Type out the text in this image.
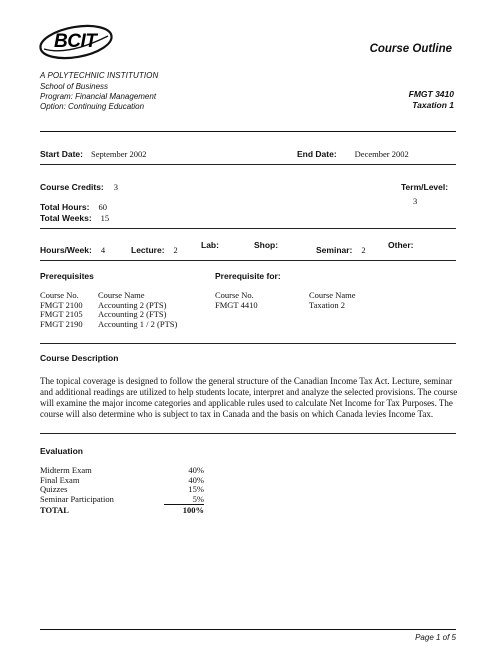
BCIT	Course Outline
A POLYTECHNIC INSTITUTION
School of Business
Program: Financial Management
Option: Continuing Education
FMGT 3410
Taxation 1
Start Date: September 2002	End Date: December 2002
Course Credits: 3	Term/Level:
3
Total Hours: 60
Total Weeks: 15
Hours/Week: 4	Lecture: 2	Lab:	Shop:	Seminar: 2	Other:
Prerequisites	Prerequisite for:
Course No.	Course Name
FMGT 2100	Accounting 2 (PTS)
FMGT 2105	Accounting 2 (FTS)
FMGT 2190	Accounting 1 / 2 (PTS)
Course No.	Course Name
FMGT 4410	Taxation 2
Course Description
The topical coverage is designed to follow the general structure of the Canadian Income Tax Act. Lecture, seminar and additional readings are utilized to help students locate, interpret and analyze the selected provisions. The course will examine the major income categories and applicable rules used to calculate Net Income for Tax Purposes. The course will also determine who is subject to tax in Canada and the basis on which Canada levies Income Tax.
Evaluation
Midterm Exam	40%
Final Exam	40%
Quizzes	15%
Seminar Participation	5%
TOTAL	100%
Page 1 of 5
